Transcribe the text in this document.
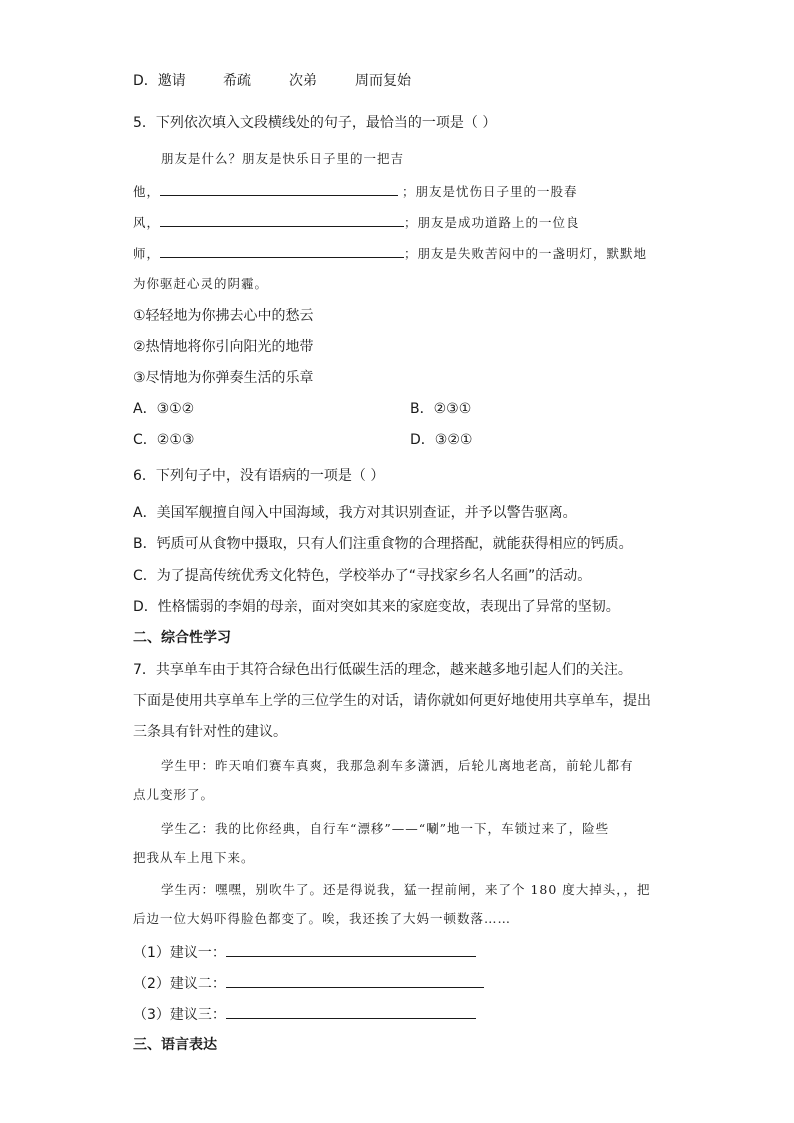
D．邀请	希疏	次弟	周而复始
5．下列依次填入文段横线处的句子，最恰当的一项是（ ）
朋友是什么？朋友是快乐日子里的一把吉
他，	；朋友是忧伤日子里的一股春
风，	；朋友是成功道路上的一位良
师，	；朋友是失败苦闷中的一盏明灯，默默地
为你驱赶心灵的阴霾。
①轻轻地为你拂去心中的愁云
②热情地将你引向阳光的地带
③尽情地为你弹奏生活的乐章
A．③①②	B．②③①
C．②①③	D．③②①
6．下列句子中，没有语病的一项是（ ）
A．美国军舰擅自闯入中国海域，我方对其识别查证，并予以警告驱离。
B．钙质可从食物中摄取，只有人们注重食物的合理搭配，就能获得相应的钙质。
C．为了提高传统优秀文化特色，学校举办了“寻找家乡名人名画”的活动。
D．性格懦弱的李娟的母亲，面对突如其来的家庭变故，表现出了异常的坚韧。
二、综合性学习
7．共享单车由于其符合绿色出行低碳生活的理念，越来越多地引起人们的关注。
下面是使用共享单车上学的三位学生的对话，请你就如何更好地使用共享单车，提出
三条具有针对性的建议。
学生甲：昨天咱们赛车真爽，我那急刹车多潇洒，后轮儿离地老高，前轮儿都有
点儿变形了。
学生乙：我的比你经典，自行车“漂移”——“唰”地一下，车锁过来了，险些
把我从车上甩下来。
学生丙：嘿嘿，别吹牛了。还是得说我，猛一捏前闸，来了个 180 度大掉头，，把
后边一位大妈吓得脸色都变了。唉，我还挨了大妈一顿数落……
（1）建议一：
（2）建议二：
（3）建议三：
三、语言表达
